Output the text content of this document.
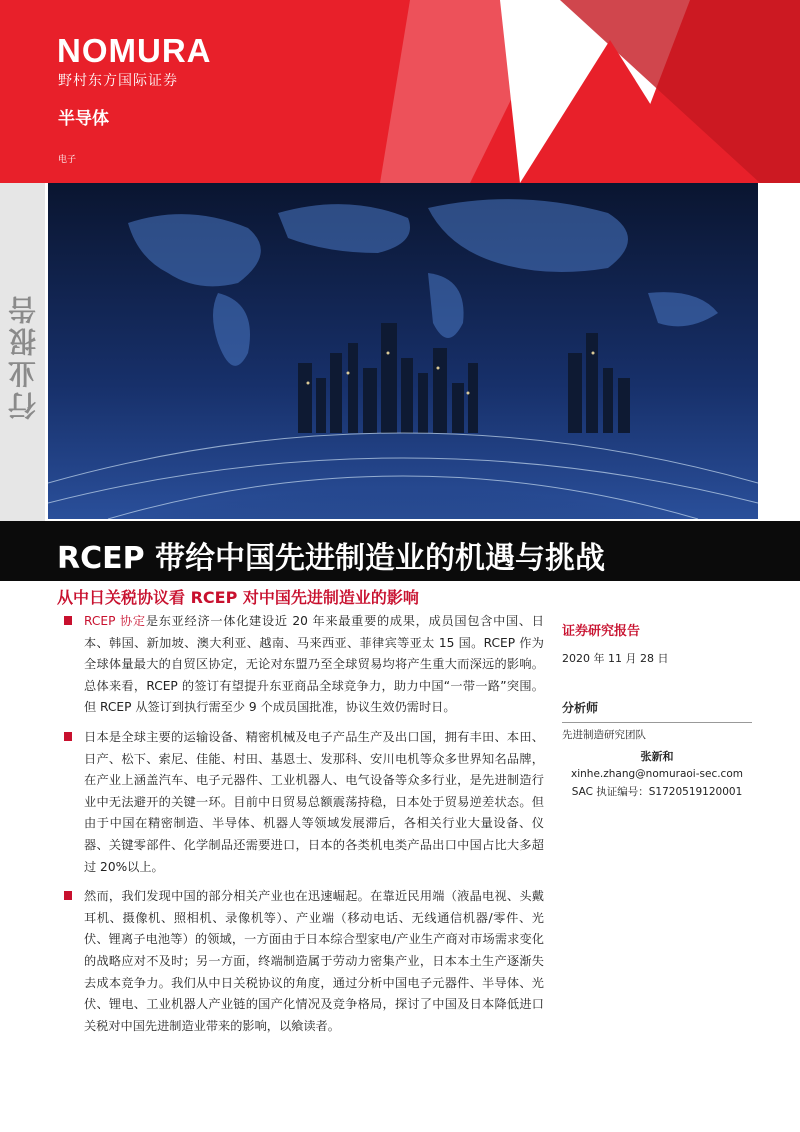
NOMURA
野村东方国际证券
半导体
电子
行业报告
RCEP 带给中国先进制造业的机遇与挑战
从中日关税协议看 RCEP 对中国先进制造业的影响
RCEP 协定是东亚经济一体化建设近 20 年来最重要的成果，成员国包含中国、日本、韩国、新加坡、澳大利亚、越南、马来西亚、菲律宾等亚太 15 国。RCEP 作为全球体量最大的自贸区协定，无论对东盟乃至全球贸易均将产生重大而深远的影响。总体来看，RCEP 的签订有望提升东亚商品全球竞争力，助力中国“一带一路”突围。但 RCEP 从签订到执行需至少 9 个成员国批准，协议生效仍需时日。
日本是全球主要的运输设备、精密机械及电子产品生产及出口国，拥有丰田、本田、日产、松下、索尼、佳能、村田、基恩士、发那科、安川电机等众多世界知名品牌，在产业上涵盖汽车、电子元器件、工业机器人、电气设备等众多行业，是先进制造行业中无法避开的关键一环。目前中日贸易总额震荡持稳，日本处于贸易逆差状态。但由于中国在精密制造、半导体、机器人等领域发展滞后，各相关行业大量设备、仪器、关键零部件、化学制品还需要进口，日本的各类机电类产品出口中国占比大多超过 20%以上。
然而，我们发现中国的部分相关产业也在迅速崛起。在靠近民用端（液晶电视、头戴耳机、摄像机、照相机、录像机等）、产业端（移动电话、无线通信机器/零件、光伏、锂离子电池等）的领域，一方面由于日本综合型家电/产业生产商对市场需求变化的战略应对不及时；另一方面，终端制造属于劳动力密集产业，日本本土生产逐渐失去成本竞争力。我们从中日关税协议的角度，通过分析中国电子元器件、半导体、光伏、锂电、工业机器人产业链的国产化情况及竞争格局，探讨了中国及日本降低进口关税对中国先进制造业带来的影响，以飨读者。
证券研究报告
2020 年 11 月 28 日
分析师
先进制造研究团队
张新和
xinhe.zhang@nomuraoi-sec.com
SAC 执证编号：S1720519120001
